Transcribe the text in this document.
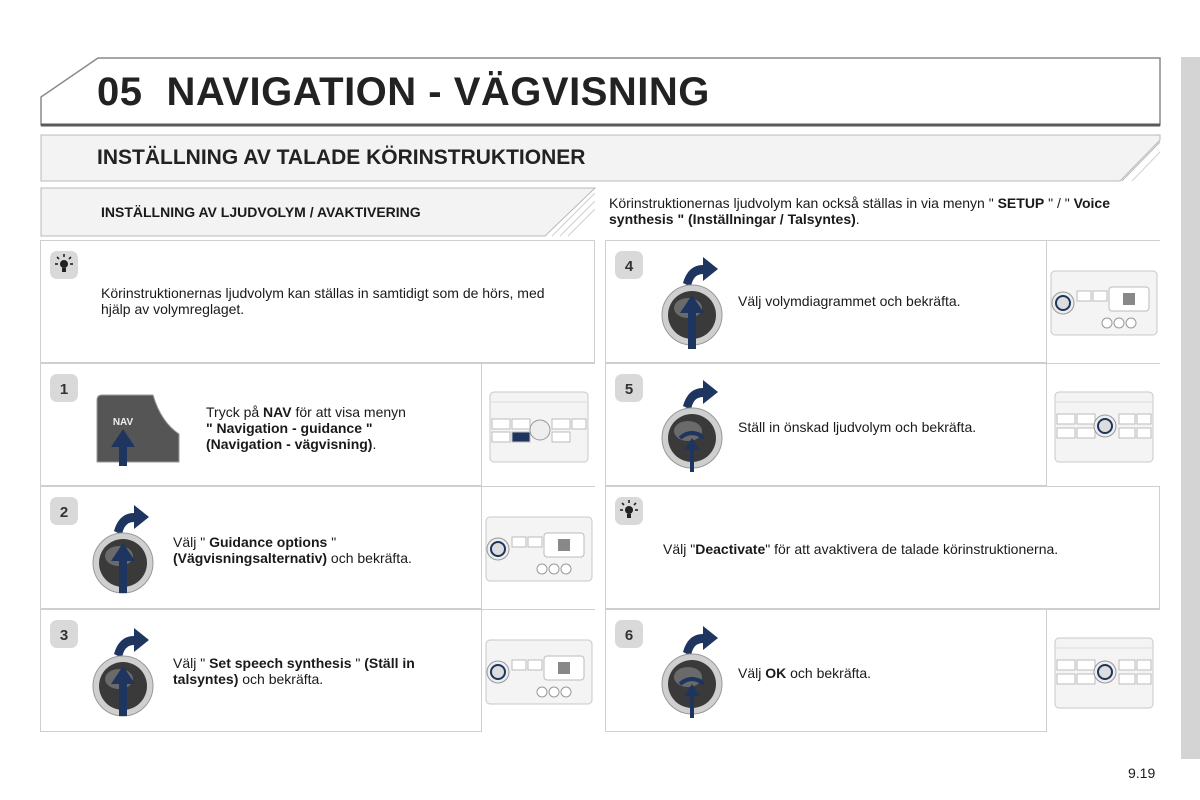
05 NAVIGATION - VÄGVISNING
INSTÄLLNING AV TALADE KÖRINSTRUKTIONER
INSTÄLLNING AV LJUDVOLYM / AVAKTIVERING
Körinstruktionernas ljudvolym kan också ställas in via menyn " SETUP " / " Voice synthesis " (Inställningar / Talsyntes).
Körinstruktionernas ljudvolym kan ställas in samtidigt som de hörs, med hjälp av volymreglaget.
1
NAV
Tryck på NAV för att visa menyn
" Navigation - guidance "
(Navigation - vägvisning).
2
Välj " Guidance options "
(Vägvisningsalternativ) och bekräfta.
3
Välj " Set speech synthesis " (Ställ in talsyntes) och bekräfta.
4
Välj volymdiagrammet och bekräfta.
5
Ställ in önskad ljudvolym och bekräfta.
Välj "Deactivate" för att avaktivera de talade körinstruktionerna.
6
Välj OK och bekräfta.
9.19
